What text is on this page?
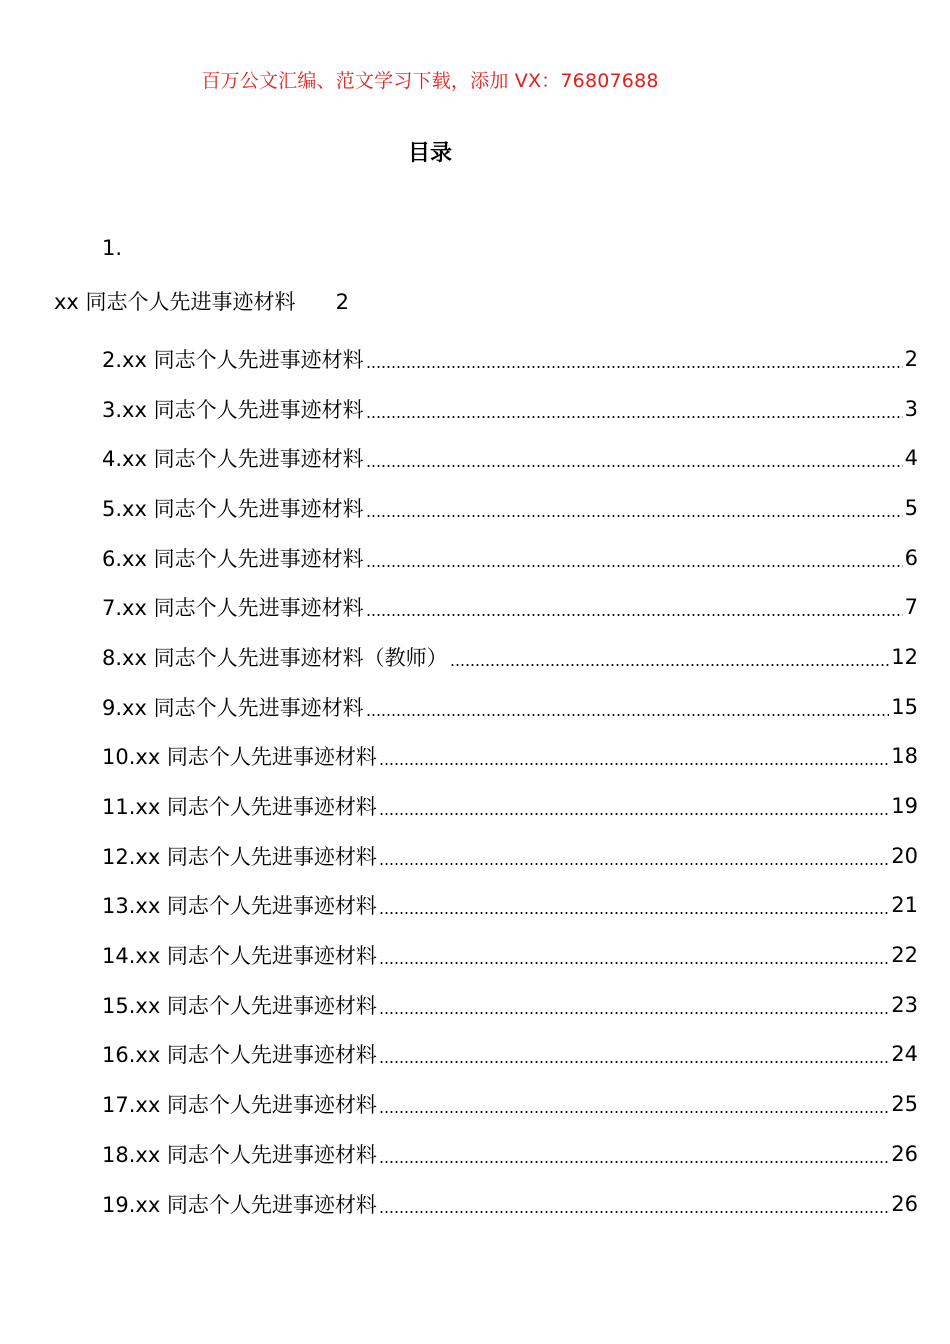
百万公文汇编、范文学习下载，添加 VX：76807688
目录
1.
xx 同志个人先进事迹材料 2
2.xx 同志个人先进事迹材料	2
3.xx 同志个人先进事迹材料	3
4.xx 同志个人先进事迹材料	4
5.xx 同志个人先进事迹材料	5
6.xx 同志个人先进事迹材料	6
7.xx 同志个人先进事迹材料	7
8.xx 同志个人先进事迹材料（教师）	12
9.xx 同志个人先进事迹材料	15
10.xx 同志个人先进事迹材料	18
11.xx 同志个人先进事迹材料	19
12.xx 同志个人先进事迹材料	20
13.xx 同志个人先进事迹材料	21
14.xx 同志个人先进事迹材料	22
15.xx 同志个人先进事迹材料	23
16.xx 同志个人先进事迹材料	24
17.xx 同志个人先进事迹材料	25
18.xx 同志个人先进事迹材料	26
19.xx 同志个人先进事迹材料	26
